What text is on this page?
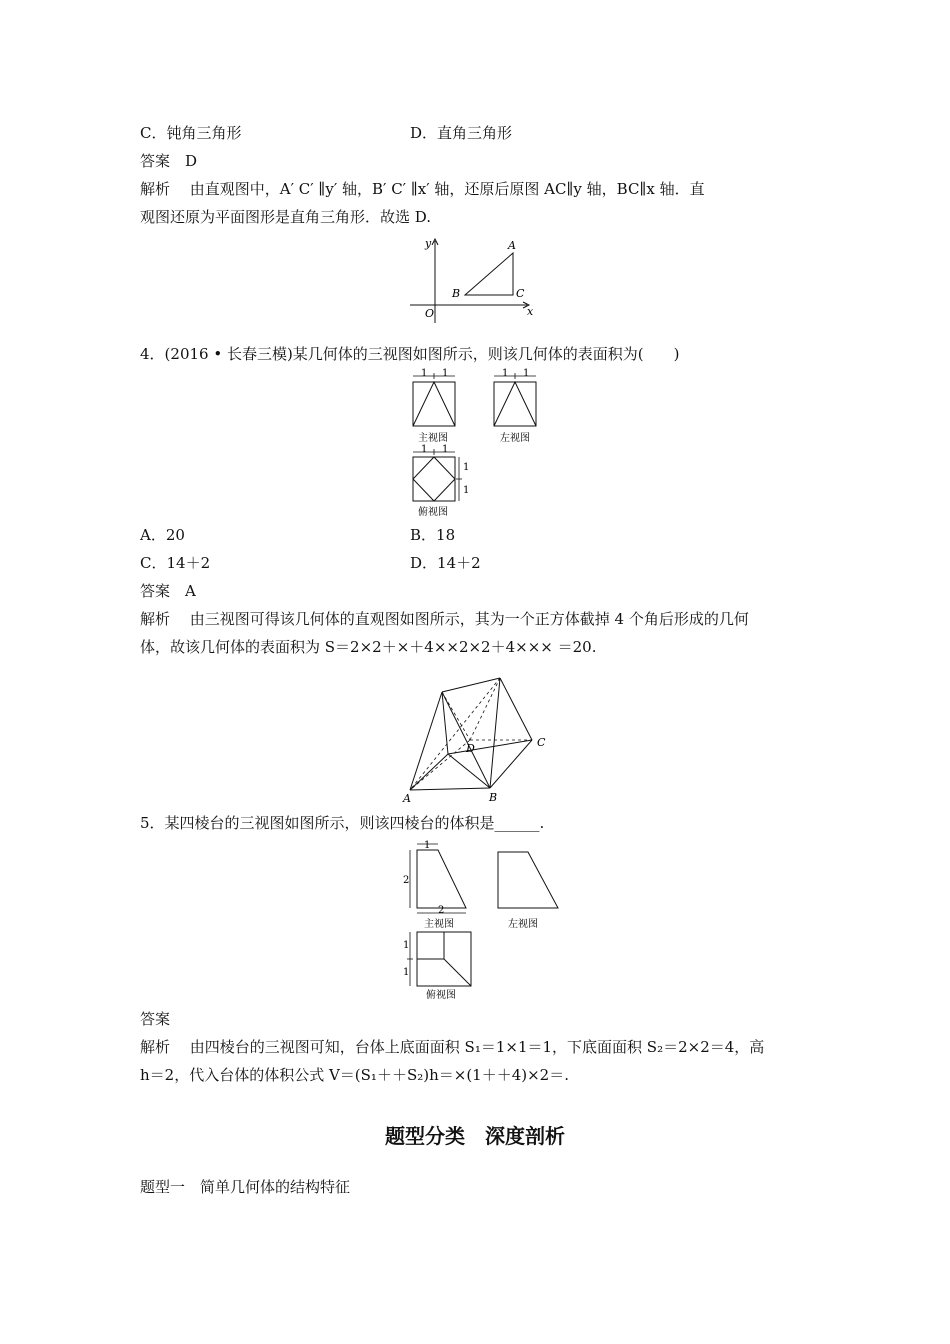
C．钝角三角形	D．直角三角形
答案　D
解析　 由直观图中，A′ C′ ∥y′ 轴，B′ C′ ∥x′ 轴，还原后原图 AC∥y 轴，BC∥x 轴．直
观图还原为平面图形是直角三角形．故选 D.
y
x
O
A
B	C
4．(2016 • 长春三模)某几何体的三视图如图所示，则该几何体的表面积为(　　)
1 1
主视图
1 1
左视图
1 1
1
1
俯视图
A．20	B．18
C．14＋2	D．14＋2
答案　A
解析　 由三视图可得该几何体的直观图如图所示，其为一个正方体截掉 4 个角后形成的几何
体，故该几何体的表面积为 S＝2×2＋×＋4××2×2＋4××× ＝20.
A	B
C
D
5．某四棱台的三视图如图所示，则该四棱台的体积是______.
1
2
2
主视图	左视图
1
1
俯视图
答案
解析　 由四棱台的三视图可知，台体上底面面积 S₁＝1×1＝1，下底面面积 S₂＝2×2＝4，高
h＝2，代入台体的体积公式 V＝(S₁＋＋S₂)h＝×(1＋＋4)×2＝.
题型分类　深度剖析
题型一　简单几何体的结构特征
